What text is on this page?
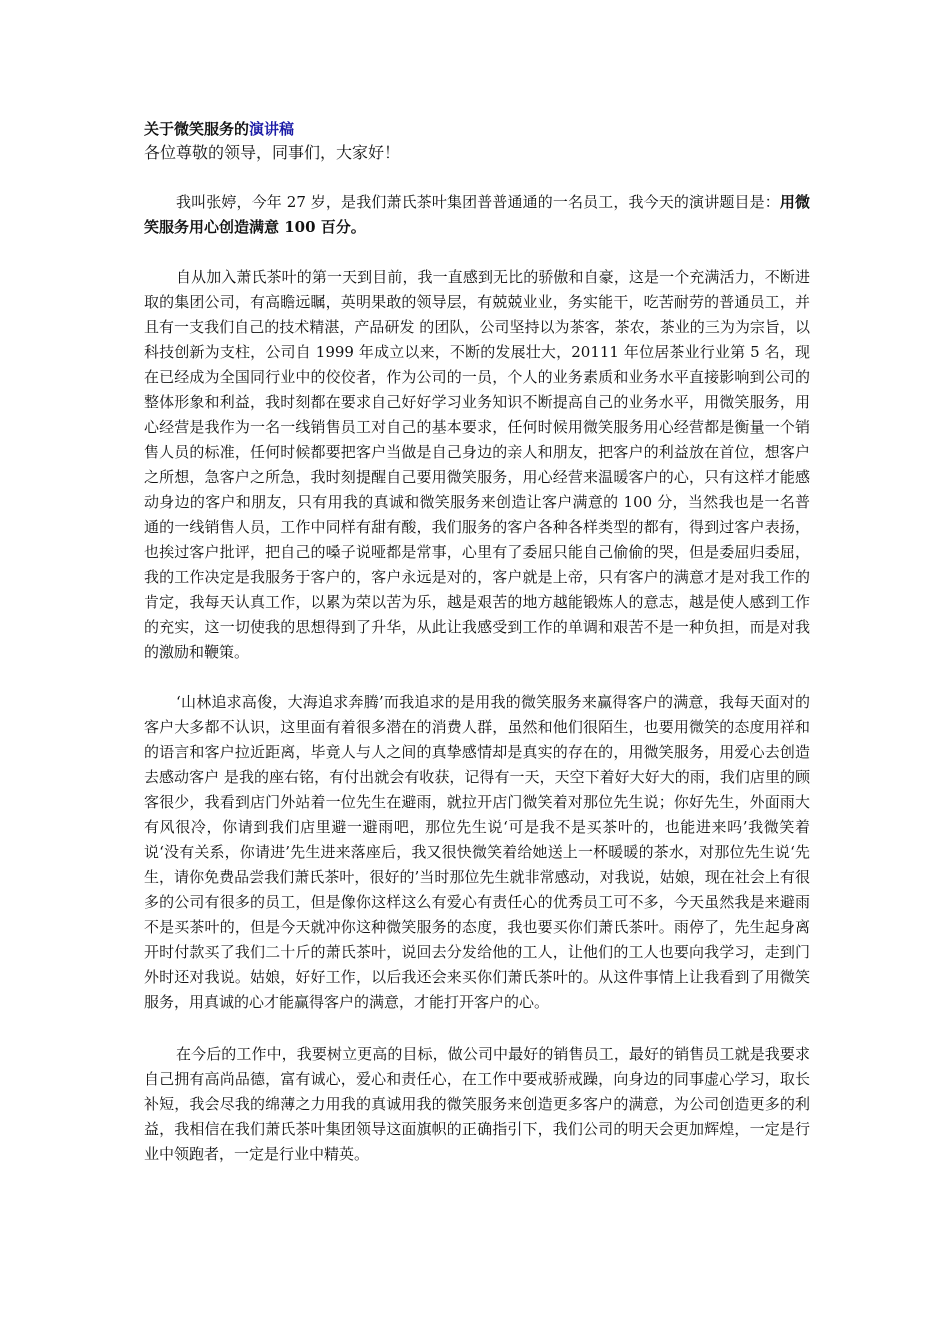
关于微笑服务的演讲稿

各位尊敬的领导，同事们，大家好！

我叫张婷，今年 27 岁，是我们萧氏茶叶集团普普通通的一名员工，我今天的演讲题目是：用微笑服务用心创造满意 100 百分。

自从加入萧氏茶叶的第一天到目前，我一直感到无比的骄傲和自豪，这是一个充满活力，不断进取的集团公司，有高瞻远瞩，英明果敢的领导层，有兢兢业业，务实能干，吃苦耐劳的普通员工，并且有一支我们自己的技术精湛，产品研发 的团队，公司坚持以为茶客，茶农，茶业的三为为宗旨，以科技创新为支柱，公司自 1999 年成立以来，不断的发展壮大，20111 年位居茶业行业第 5 名，现在已经成为全国同行业中的佼佼者，作为公司的一员，个人的业务素质和业务水平直接影响到公司的整体形象和利益，我时刻都在要求自己好好学习业务知识不断提高自己的业务水平，用微笑服务，用心经营是我作为一名一线销售员工对自己的基本要求，任何时候用微笑服务用心经营都是衡量一个销售人员的标准，任何时候都要把客户当做是自己身边的亲人和朋友，把客户的利益放在首位，想客户之所想，急客户之所急，我时刻提醒自己要用微笑服务，用心经营来温暖客户的心，只有这样才能感动身边的客户和朋友，只有用我的真诚和微笑服务来创造让客户满意的 100 分，当然我也是一名普通的一线销售人员，工作中同样有甜有酸，我们服务的客户各种各样类型的都有，得到过客户表扬，也挨过客户批评，把自己的嗓子说哑都是常事，心里有了委屈只能自己偷偷的哭，但是委屈归委屈，我的工作决定是我服务于客户的，客户永远是对的，客户就是上帝，只有客户的满意才是对我工作的肯定，我每天认真工作，以累为荣以苦为乐，越是艰苦的地方越能锻炼人的意志，越是使人感到工作的充实，这一切使我的思想得到了升华，从此让我感受到工作的单调和艰苦不是一种负担，而是对我的激励和鞭策。

‘山林追求高俊，大海追求奔腾’而我追求的是用我的微笑服务来赢得客户的满意，我每天面对的客户大多都不认识，这里面有着很多潜在的消费人群，虽然和他们很陌生，也要用微笑的态度用祥和的语言和客户拉近距离，毕竟人与人之间的真挚感情却是真实的存在的，用微笑服务，用爱心去创造去感动客户 是我的座右铭，有付出就会有收获，记得有一天，天空下着好大好大的雨，我们店里的顾客很少，我看到店门外站着一位先生在避雨，就拉开店门微笑着对那位先生说；你好先生，外面雨大有风很冷，你请到我们店里避一避雨吧，那位先生说‘可是我不是买茶叶的，也能进来吗’我微笑着说‘没有关系，你请进’先生进来落座后，我又很快微笑着给她送上一杯暖暖的茶水，对那位先生说‘先生，请你免费品尝我们萧氏茶叶，很好的’当时那位先生就非常感动，对我说，姑娘，现在社会上有很多的公司有很多的员工，但是像你这样这么有爱心有责任心的优秀员工可不多，今天虽然我是来避雨不是买茶叶的，但是今天就冲你这种微笑服务的态度，我也要买你们萧氏茶叶。雨停了，先生起身离开时付款买了我们二十斤的萧氏茶叶，说回去分发给他的工人，让他们的工人也要向我学习，走到门外时还对我说。姑娘，好好工作，以后我还会来买你们萧氏茶叶的。从这件事情上让我看到了用微笑服务，用真诚的心才能赢得客户的满意，才能打开客户的心。

在今后的工作中，我要树立更高的目标，做公司中最好的销售员工，最好的销售员工就是我要求自己拥有高尚品德，富有诚心，爱心和责任心，在工作中要戒骄戒躁，向身边的同事虚心学习，取长补短，我会尽我的绵薄之力用我的真诚用我的微笑服务来创造更多客户的满意，为公司创造更多的利益，我相信在我们萧氏茶叶集团领导这面旗帜的正确指引下，我们公司的明天会更加辉煌，一定是行业中领跑者，一定是行业中精英。
